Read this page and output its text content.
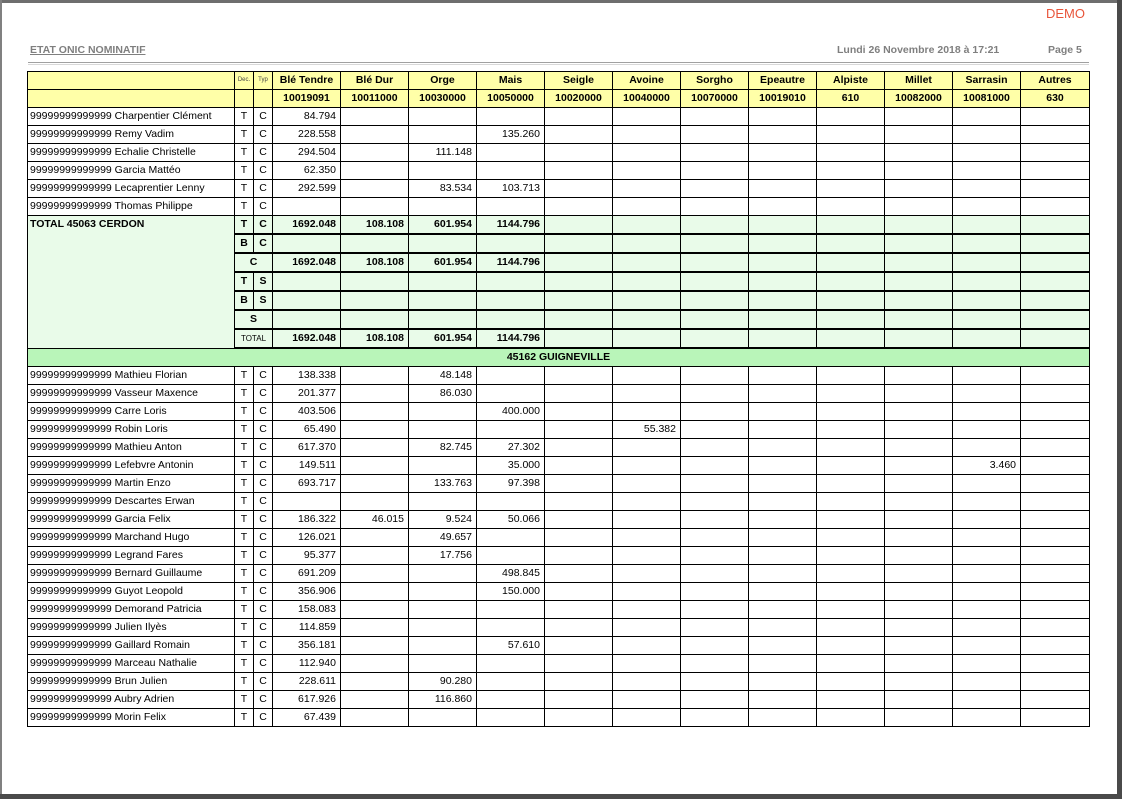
DEMO
ETAT ONIC NOMINATIF	Lundi 26 Novembre 2018 à 17:21	Page 5
	Dec.	Typ	Blé Tendre	Blé Dur	Orge	Mais	Seigle	Avoine	Sorgho	Epeautre	Alpiste	Millet	Sarrasin	Autres
			10019091	10011000	10030000	10050000	10020000	10040000	10070000	10019010	610	10082000	10081000	630
99999999999999 Charpentier Clément	T	C	84.794											
99999999999999 Remy Vadim	T	C	228.558			135.260								
99999999999999 Echalie Christelle	T	C	294.504		111.148									
99999999999999 Garcia Mattéo	T	C	62.350											
99999999999999 Lecaprentier Lenny	T	C	292.599		83.534	103.713								
99999999999999 Thomas Philippe	T	C												
TOTAL 45063 CERDON	T	C	1692.048	108.108	601.954	1144.796								
	B	C												
	C		1692.048	108.108	601.954	1144.796								
	T	S												
	B	S												
	S													
	TOTAL		1692.048	108.108	601.954	1144.796								
45162 GUIGNEVILLE														
99999999999999 Mathieu Florian	T	C	138.338		48.148									
99999999999999 Vasseur Maxence	T	C	201.377		86.030									
99999999999999 Carre Loris	T	C	403.506			400.000								
99999999999999 Robin Loris	T	C	65.490					55.382						
99999999999999 Mathieu Anton	T	C	617.370		82.745	27.302								
99999999999999 Lefebvre Antonin	T	C	149.511			35.000							3.460	
99999999999999 Martin Enzo	T	C	693.717		133.763	97.398								
99999999999999 Descartes Erwan	T	C												
99999999999999 Garcia Felix	T	C	186.322	46.015	9.524	50.066								
99999999999999 Marchand Hugo	T	C	126.021		49.657									
99999999999999 Legrand Fares	T	C	95.377		17.756									
99999999999999 Bernard Guillaume	T	C	691.209			498.845								
99999999999999 Guyot Leopold	T	C	356.906			150.000								
99999999999999 Demorand Patricia	T	C	158.083											
99999999999999 Julien Ilyès	T	C	114.859											
99999999999999 Gaillard Romain	T	C	356.181			57.610								
99999999999999 Marceau Nathalie	T	C	112.940											
99999999999999 Brun Julien	T	C	228.611		90.280									
99999999999999 Aubry Adrien	T	C	617.926		116.860									
99999999999999 Morin Felix	T	C	67.439											
